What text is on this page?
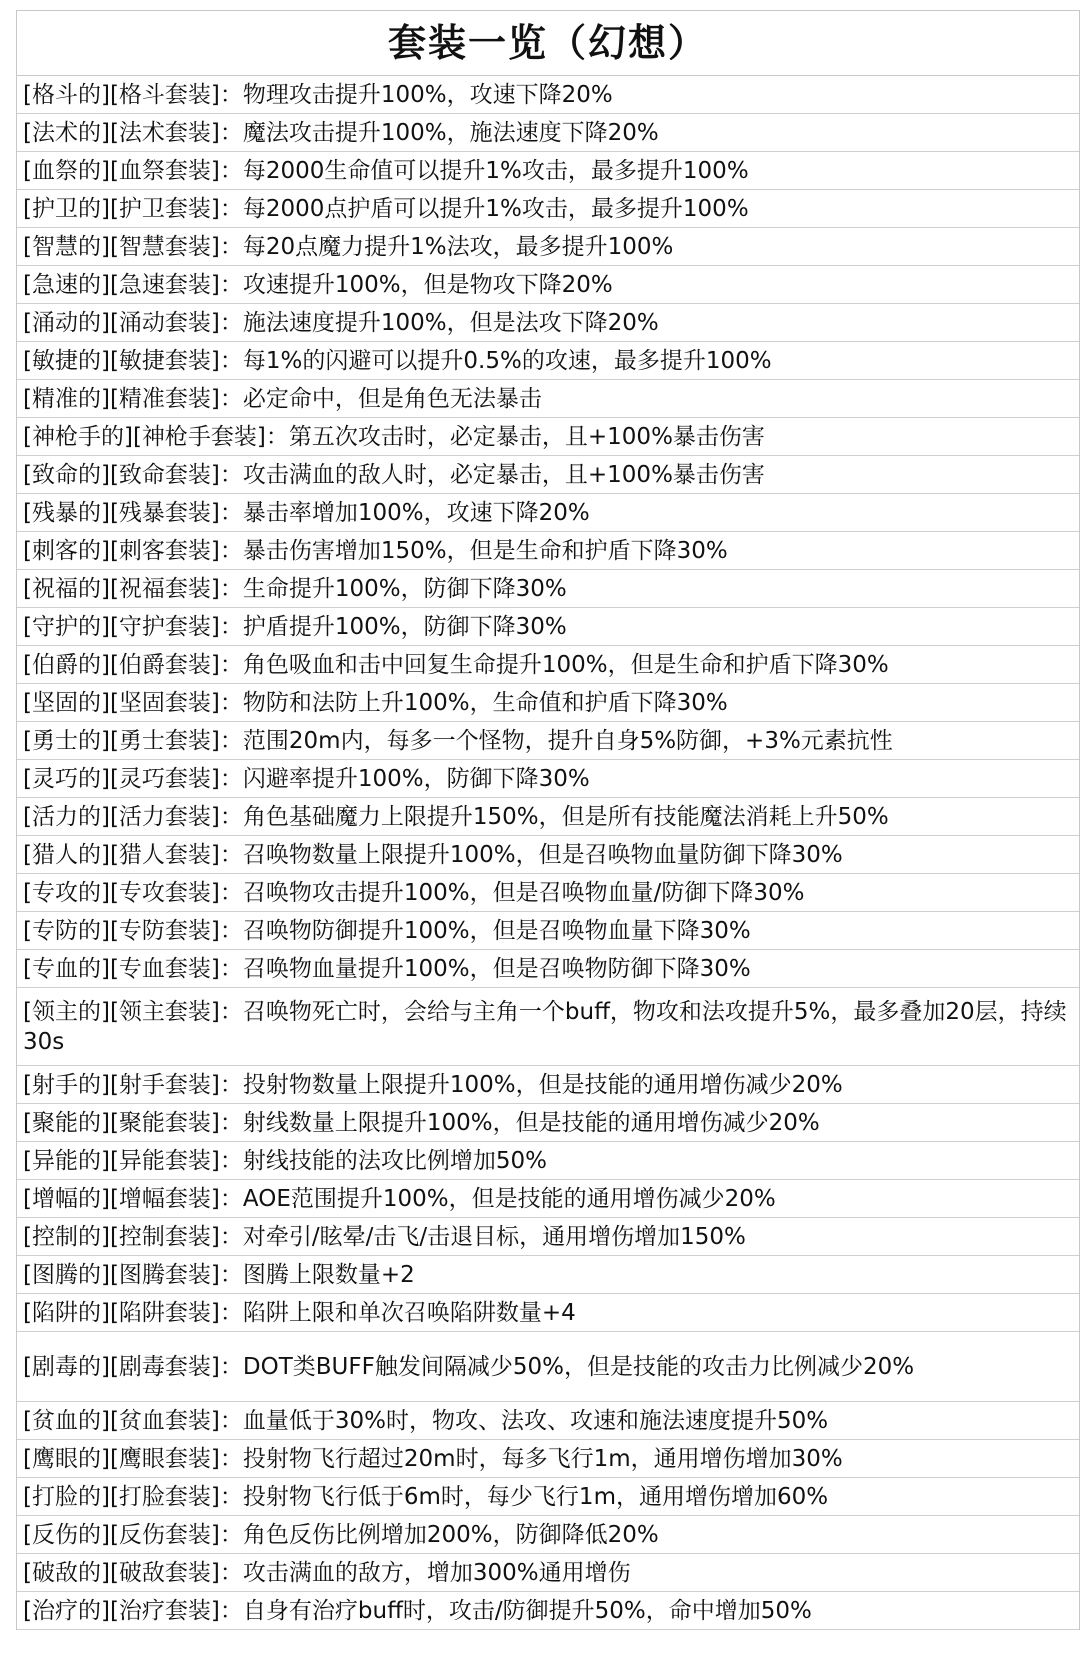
套装一览（幻想）
[格斗的][格斗套装]：物理攻击提升100%，攻速下降20%
[法术的][法术套装]：魔法攻击提升100%，施法速度下降20%
[血祭的][血祭套装]：每2000生命值可以提升1%攻击，最多提升100%
[护卫的][护卫套装]：每2000点护盾可以提升1%攻击，最多提升100%
[智慧的][智慧套装]：每20点魔力提升1%法攻，最多提升100%
[急速的][急速套装]：攻速提升100%，但是物攻下降20%
[涌动的][涌动套装]：施法速度提升100%，但是法攻下降20%
[敏捷的][敏捷套装]：每1%的闪避可以提升0.5%的攻速，最多提升100%
[精准的][精准套装]：必定命中，但是角色无法暴击
[神枪手的][神枪手套装]：第五次攻击时，必定暴击，且+100%暴击伤害
[致命的][致命套装]：攻击满血的敌人时，必定暴击，且+100%暴击伤害
[残暴的][残暴套装]：暴击率增加100%，攻速下降20%
[刺客的][刺客套装]：暴击伤害增加150%，但是生命和护盾下降30%
[祝福的][祝福套装]：生命提升100%，防御下降30%
[守护的][守护套装]：护盾提升100%，防御下降30%
[伯爵的][伯爵套装]：角色吸血和击中回复生命提升100%，但是生命和护盾下降30%
[坚固的][坚固套装]：物防和法防上升100%，生命值和护盾下降30%
[勇士的][勇士套装]：范围20m内，每多一个怪物，提升自身5%防御，+3%元素抗性
[灵巧的][灵巧套装]：闪避率提升100%，防御下降30%
[活力的][活力套装]：角色基础魔力上限提升150%，但是所有技能魔法消耗上升50%
[猎人的][猎人套装]：召唤物数量上限提升100%，但是召唤物血量防御下降30%
[专攻的][专攻套装]：召唤物攻击提升100%，但是召唤物血量/防御下降30%
[专防的][专防套装]：召唤物防御提升100%，但是召唤物血量下降30%
[专血的][专血套装]：召唤物血量提升100%，但是召唤物防御下降30%
[领主的][领主套装]：召唤物死亡时，会给与主角一个buff，物攻和法攻提升5%，最多叠加20层，持续30s
[射手的][射手套装]：投射物数量上限提升100%，但是技能的通用增伤减少20%
[聚能的][聚能套装]：射线数量上限提升100%，但是技能的通用增伤减少20%
[异能的][异能套装]：射线技能的法攻比例增加50%
[增幅的][增幅套装]：AOE范围提升100%，但是技能的通用增伤减少20%
[控制的][控制套装]：对牵引/眩晕/击飞/击退目标，通用增伤增加150%
[图腾的][图腾套装]：图腾上限数量+2
[陷阱的][陷阱套装]：陷阱上限和单次召唤陷阱数量+4
[剧毒的][剧毒套装]：DOT类BUFF触发间隔减少50%，但是技能的攻击力比例减少20%
[贫血的][贫血套装]：血量低于30%时，物攻、法攻、攻速和施法速度提升50%
[鹰眼的][鹰眼套装]：投射物飞行超过20m时，每多飞行1m，通用增伤增加30%
[打脸的][打脸套装]：投射物飞行低于6m时，每少飞行1m，通用增伤增加60%
[反伤的][反伤套装]：角色反伤比例增加200%，防御降低20%
[破敌的][破敌套装]：攻击满血的敌方，增加300%通用增伤
[治疗的][治疗套装]：自身有治疗buff时，攻击/防御提升50%，命中增加50%
